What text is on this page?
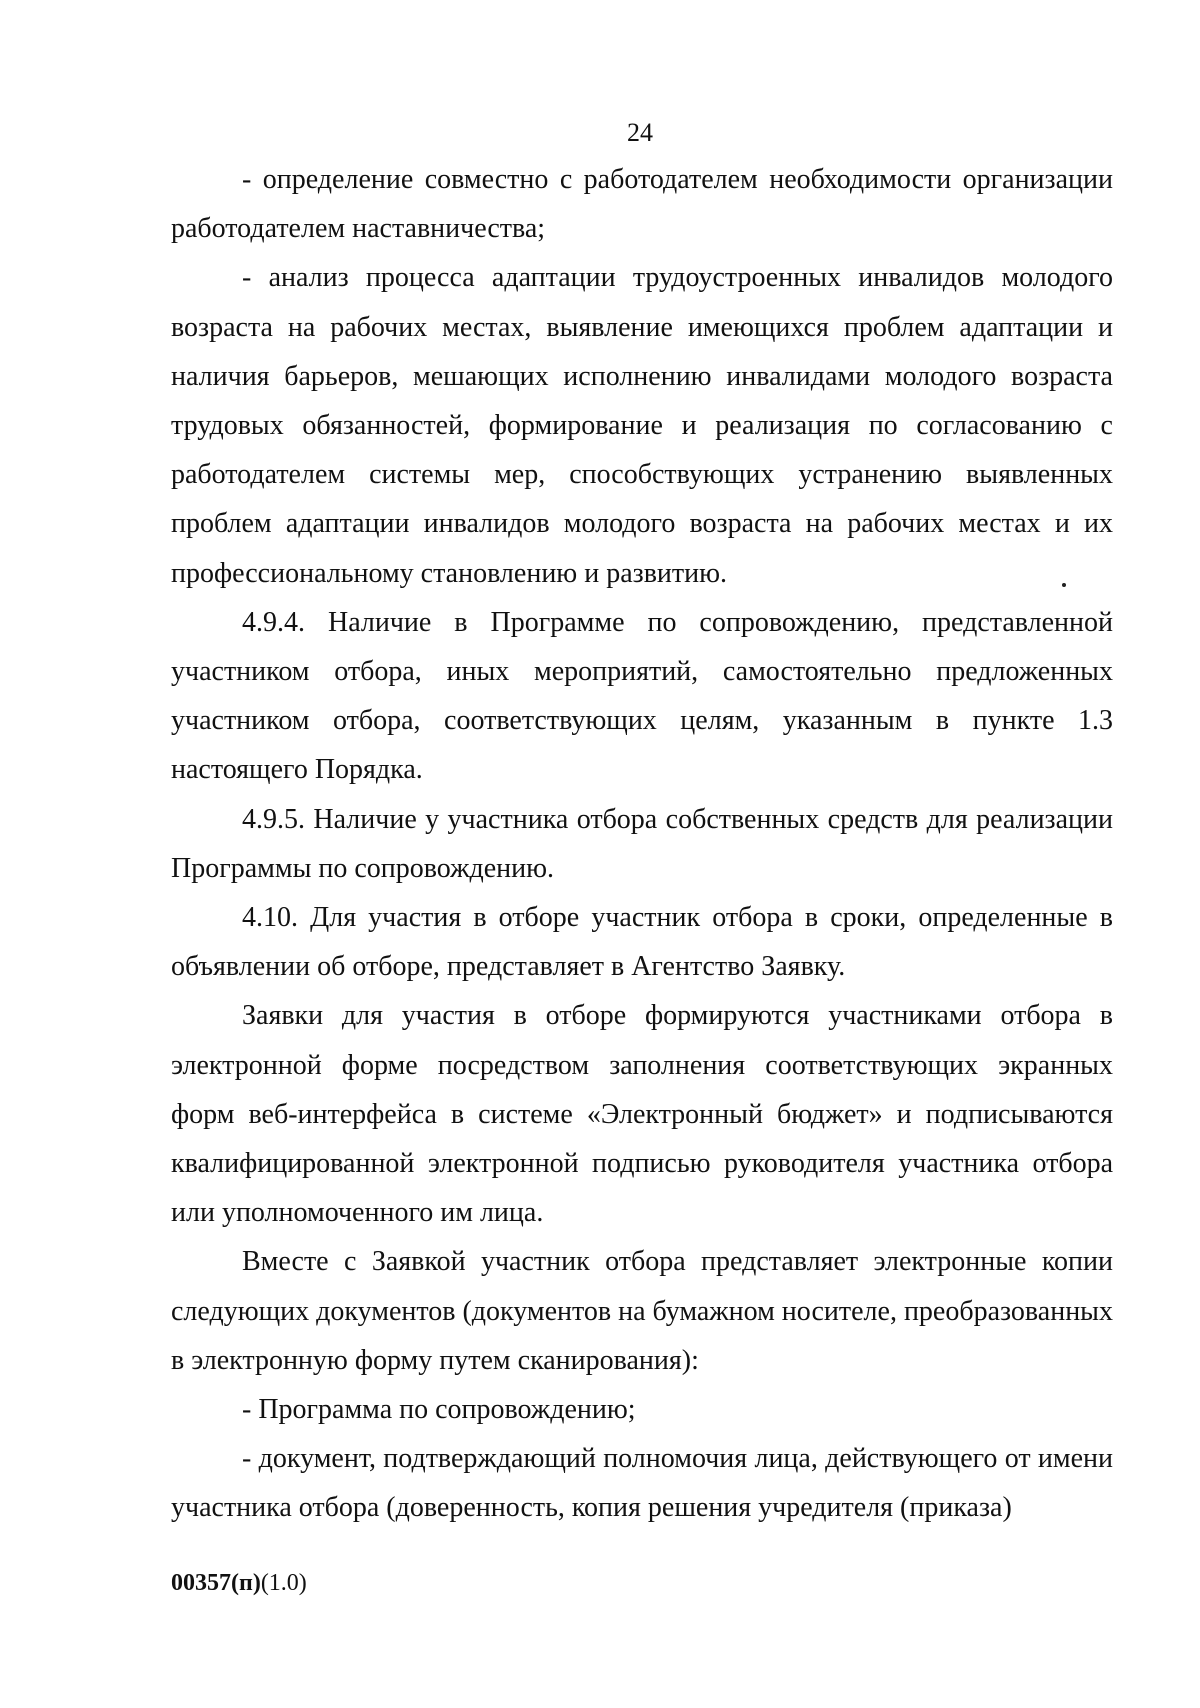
24

- определение совместно с работодателем необходимости организации работодателем наставничества;

- анализ процесса адаптации трудоустроенных инвалидов молодого возраста на рабочих местах, выявление имеющихся проблем адаптации и наличия барьеров, мешающих исполнению инвалидами молодого возраста трудовых обязанностей, формирование и реализация по согласованию с работодателем системы мер, способствующих устранению выявленных проблем адаптации инвалидов молодого возраста на рабочих местах и их профессиональному становлению и развитию.

4.9.4. Наличие в Программе по сопровождению, представленной участником отбора, иных мероприятий, самостоятельно предложенных участником отбора, соответствующих целям, указанным в пункте 1.3 настоящего Порядка.

4.9.5. Наличие у участника отбора собственных средств для реализации Программы по сопровождению.

4.10. Для участия в отборе участник отбора в сроки, определенные в объявлении об отборе, представляет в Агентство Заявку.

Заявки для участия в отборе формируются участниками отбора в электронной форме посредством заполнения соответствующих экранных форм веб-интерфейса в системе «Электронный бюджет» и подписываются квалифицированной электронной подписью руководителя участника отбора или уполномоченного им лица.

Вместе с Заявкой участник отбора представляет электронные копии следующих документов (документов на бумажном носителе, преобразованных в электронную форму путем сканирования):

- Программа по сопровождению;

- документ, подтверждающий полномочия лица, действующего от имени участника отбора (доверенность, копия решения учредителя (приказа)

00357(п)(1.0)
